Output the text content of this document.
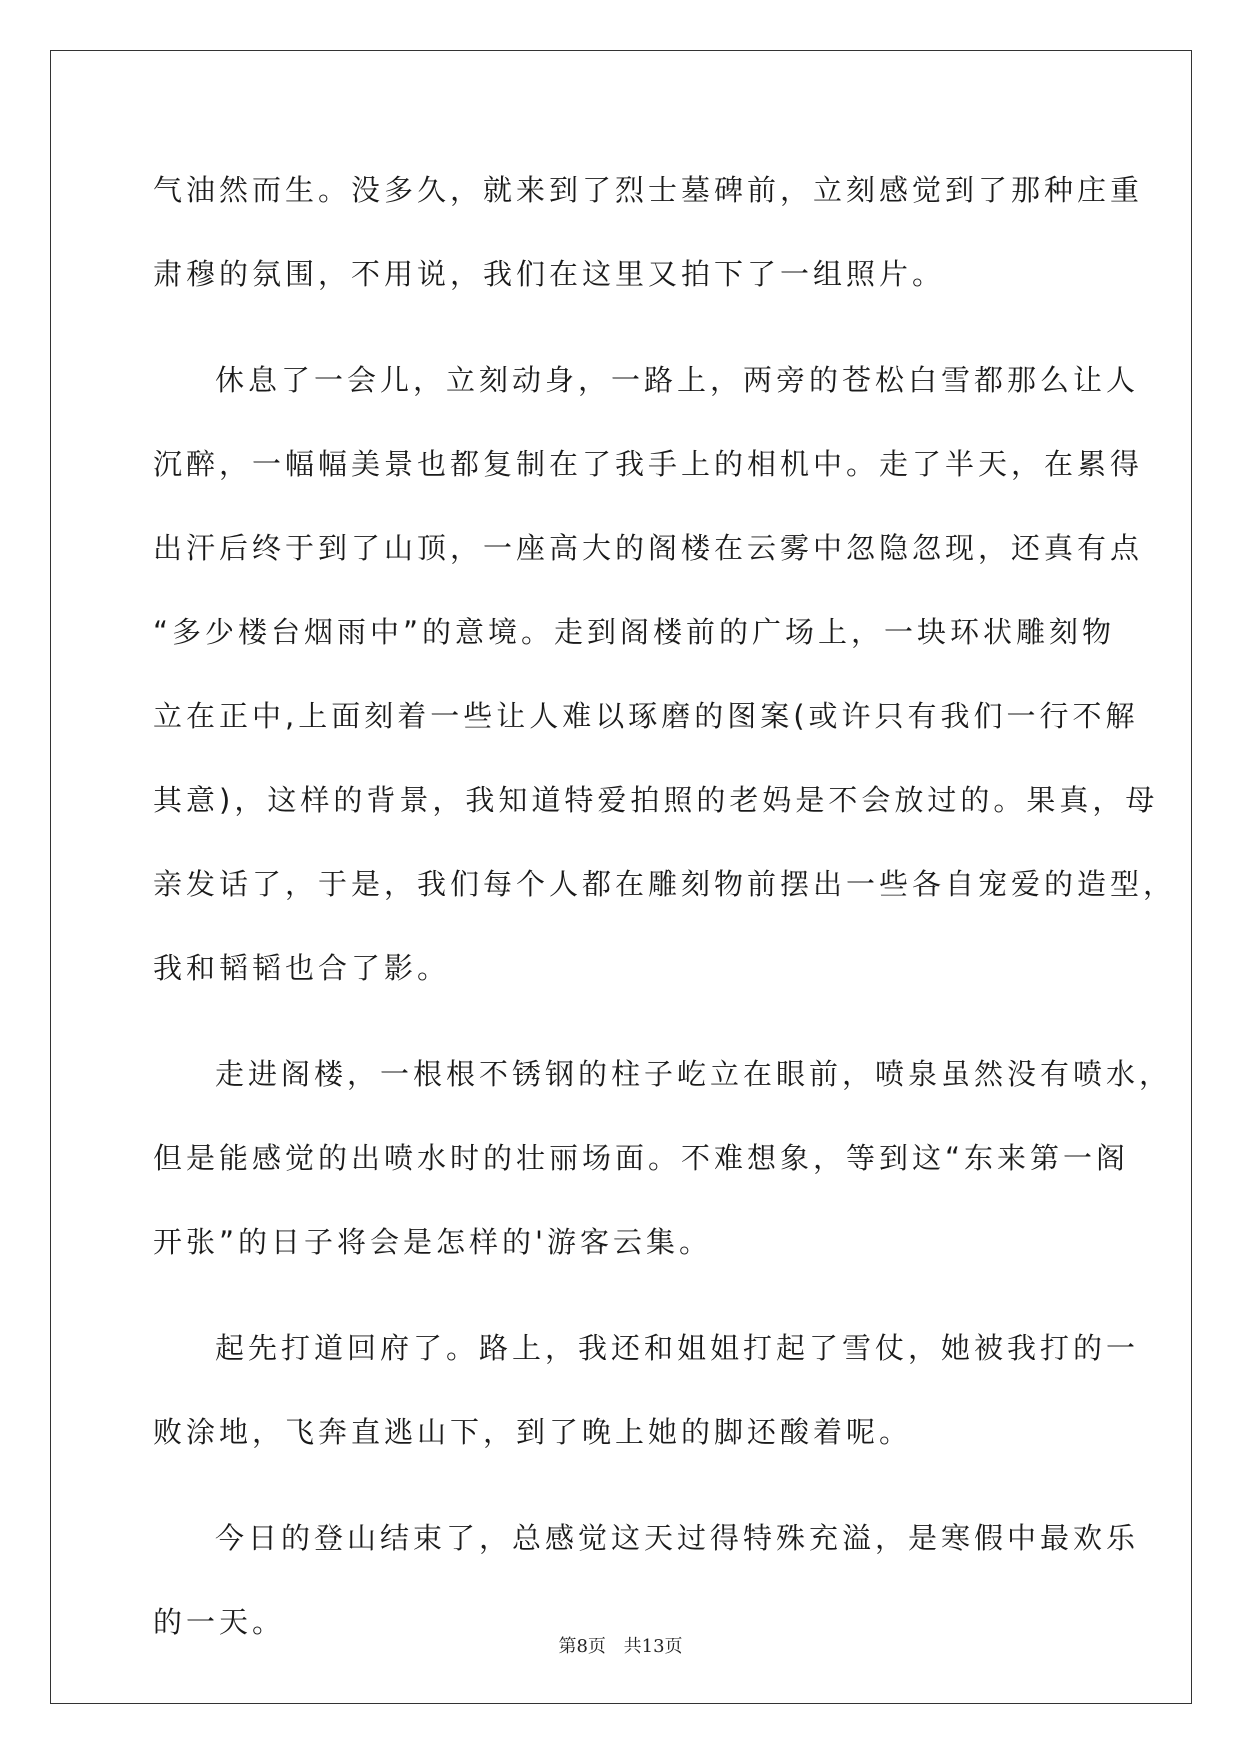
气油然而生。没多久，就来到了烈士墓碑前，立刻感觉到了那种庄重

肃穆的氛围，不用说，我们在这里又拍下了一组照片。

休息了一会儿，立刻动身，一路上，两旁的苍松白雪都那么让人

沉醉，一幅幅美景也都复制在了我手上的相机中。走了半天，在累得

出汗后终于到了山顶，一座高大的阁楼在云雾中忽隐忽现，还真有点

“多少楼台烟雨中”的意境。走到阁楼前的广场上，一块环状雕刻物

立在正中,上面刻着一些让人难以琢磨的图案(或许只有我们一行不解

其意)，这样的背景，我知道特爱拍照的老妈是不会放过的。果真，母

亲发话了，于是，我们每个人都在雕刻物前摆出一些各自宠爱的造型，

我和韬韬也合了影。

走进阁楼，一根根不锈钢的柱子屹立在眼前，喷泉虽然没有喷水，

但是能感觉的出喷水时的壮丽场面。不难想象，等到这“东来第一阁

开张”的日子将会是怎样的'游客云集。

起先打道回府了。路上，我还和姐姐打起了雪仗，她被我打的一

败涂地，飞奔直逃山下，到了晚上她的脚还酸着呢。

今日的登山结束了，总感觉这天过得特殊充溢，是寒假中最欢乐

的一天。

第8页 共13页
